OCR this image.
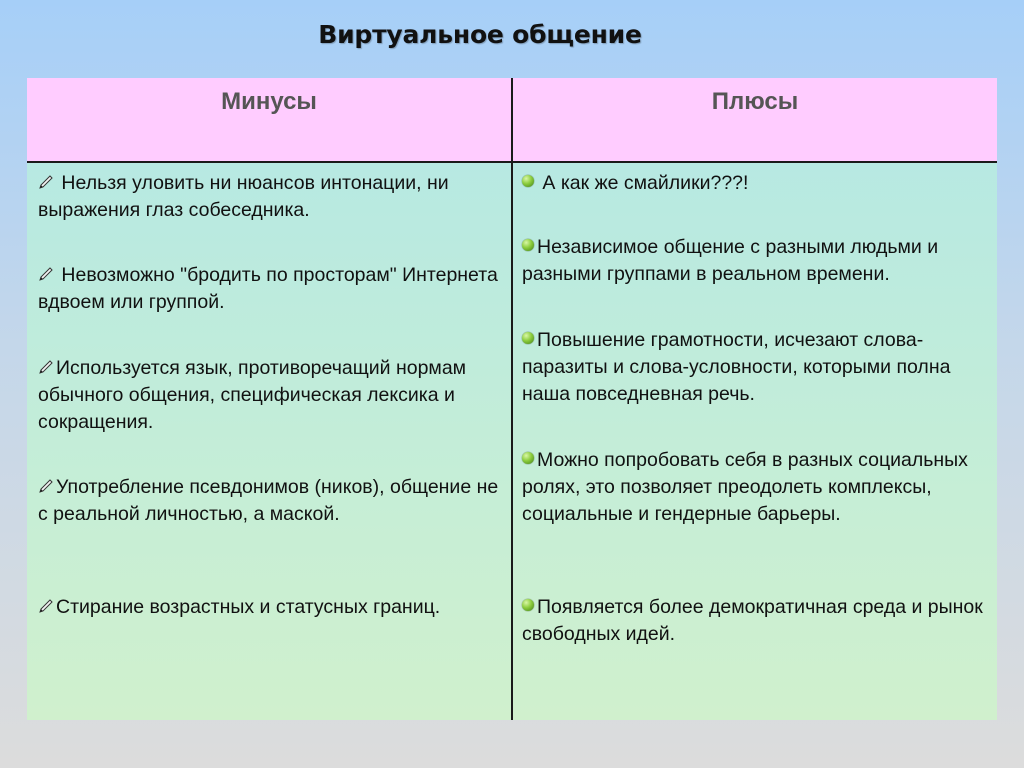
Виртуальное общение
Минусы	Плюсы
Нельзя уловить ни нюансов интонации, ни выражения глаз собеседника.
Невозможно "бродить по просторам" Интернета вдвоем или группой.
Используется язык, противоречащий нормам обычного общения, специфическая лексика и сокращения.
Употребление псевдонимов (ников), общение не с реальной личностью, а маской.
Стирание возрастных и статусных границ.
А как же смайлики???!
Независимое общение с разными людьми и разными группами в реальном времени.
Повышение грамотности, исчезают слова-паразиты и слова-условности, которыми полна наша повседневная речь.
Можно попробовать себя в разных социальных ролях, это позволяет преодолеть комплексы, социальные и гендерные барьеры.
Появляется более демократичная среда и рынок свободных идей.
